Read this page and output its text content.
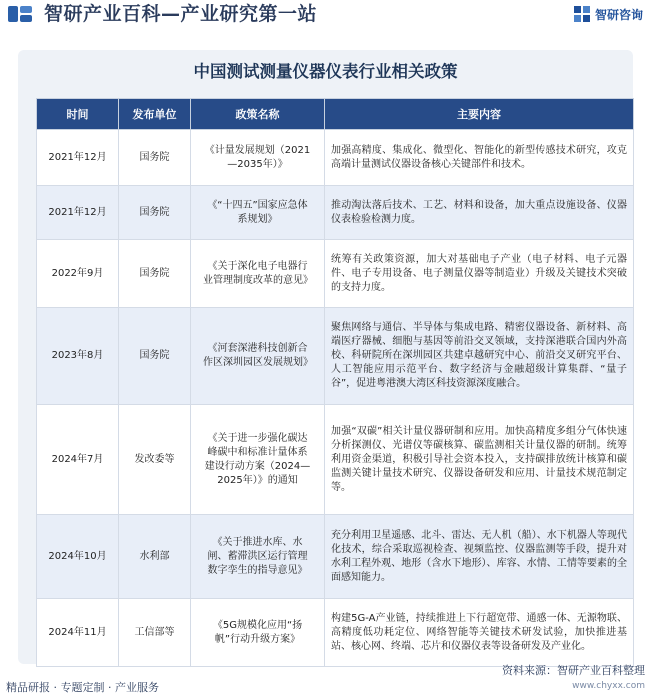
智研产业百科—产业研究第一站	智研咨询
中国测试测量仪器仪表行业相关政策
时间	发布单位	政策名称	主要内容
2021年12月	国务院	《计量发展规划（2021—2035年）》	加强高精度、集成化、微型化、智能化的新型传感技术研究，攻克高端计量测试仪器设备核心关键部件和技术。
2021年12月	国务院	《“十四五”国家应急体系规划》	推动淘汰落后技术、工艺、材料和设备，加大重点设施设备、仪器仪表检验检测力度。
2022年9月	国务院	《关于深化电子电器行业管理制度改革的意见》	统筹有关政策资源，加大对基础电子产业（电子材料、电子元器件、电子专用设备、电子测量仪器等制造业）升级及关键技术突破的支持力度。
2023年8月	国务院	《河套深港科技创新合作区深圳园区发展规划》	聚焦网络与通信、半导体与集成电路、精密仪器设备、新材料、高端医疗器械、细胞与基因等前沿交叉领域，支持深港联合国内外高校、科研院所在深圳园区共建卓越研究中心、前沿交叉研究平台、人工智能应用示范平台、数字经济与金融超级计算集群、“量子谷”，促进粤港澳大湾区科技资源深度融合。
2024年7月	发改委等	《关于进一步强化碳达峰碳中和标准计量体系建设行动方案（2024—2025年）》的通知	加强“双碳”相关计量仪器研制和应用。加快高精度多组分气体快速分析探测仪、光谱仪等碳核算、碳监测相关计量仪器的研制。统筹利用资金渠道，积极引导社会资本投入，支持碳排放统计核算和碳监测关键计量技术研究、仪器设备研发和应用、计量技术规范制定等。
2024年10月	水利部	《关于推进水库、水闸、蓄滞洪区运行管理数字孪生的指导意见》	充分利用卫星遥感、北斗、雷达、无人机（船）、水下机器人等现代化技术，综合采取巡视检查、视频监控、仪器监测等手段，提升对水利工程外观、地形（含水下地形）、库容、水情、工情等要素的全面感知能力。
2024年11月	工信部等	《5G规模化应用“扬帆”行动升级方案》	构建5G-A产业链，持续推进上下行超宽带、通感一体、无源物联、高精度低功耗定位、网络智能等关键技术研发试验，加快推进基站、核心网、终端、芯片和仪器仪表等设备研发及产业化。
资料来源：智研产业百科整理
精品研报 · 专题定制 · 产业服务	www.chyxx.com
